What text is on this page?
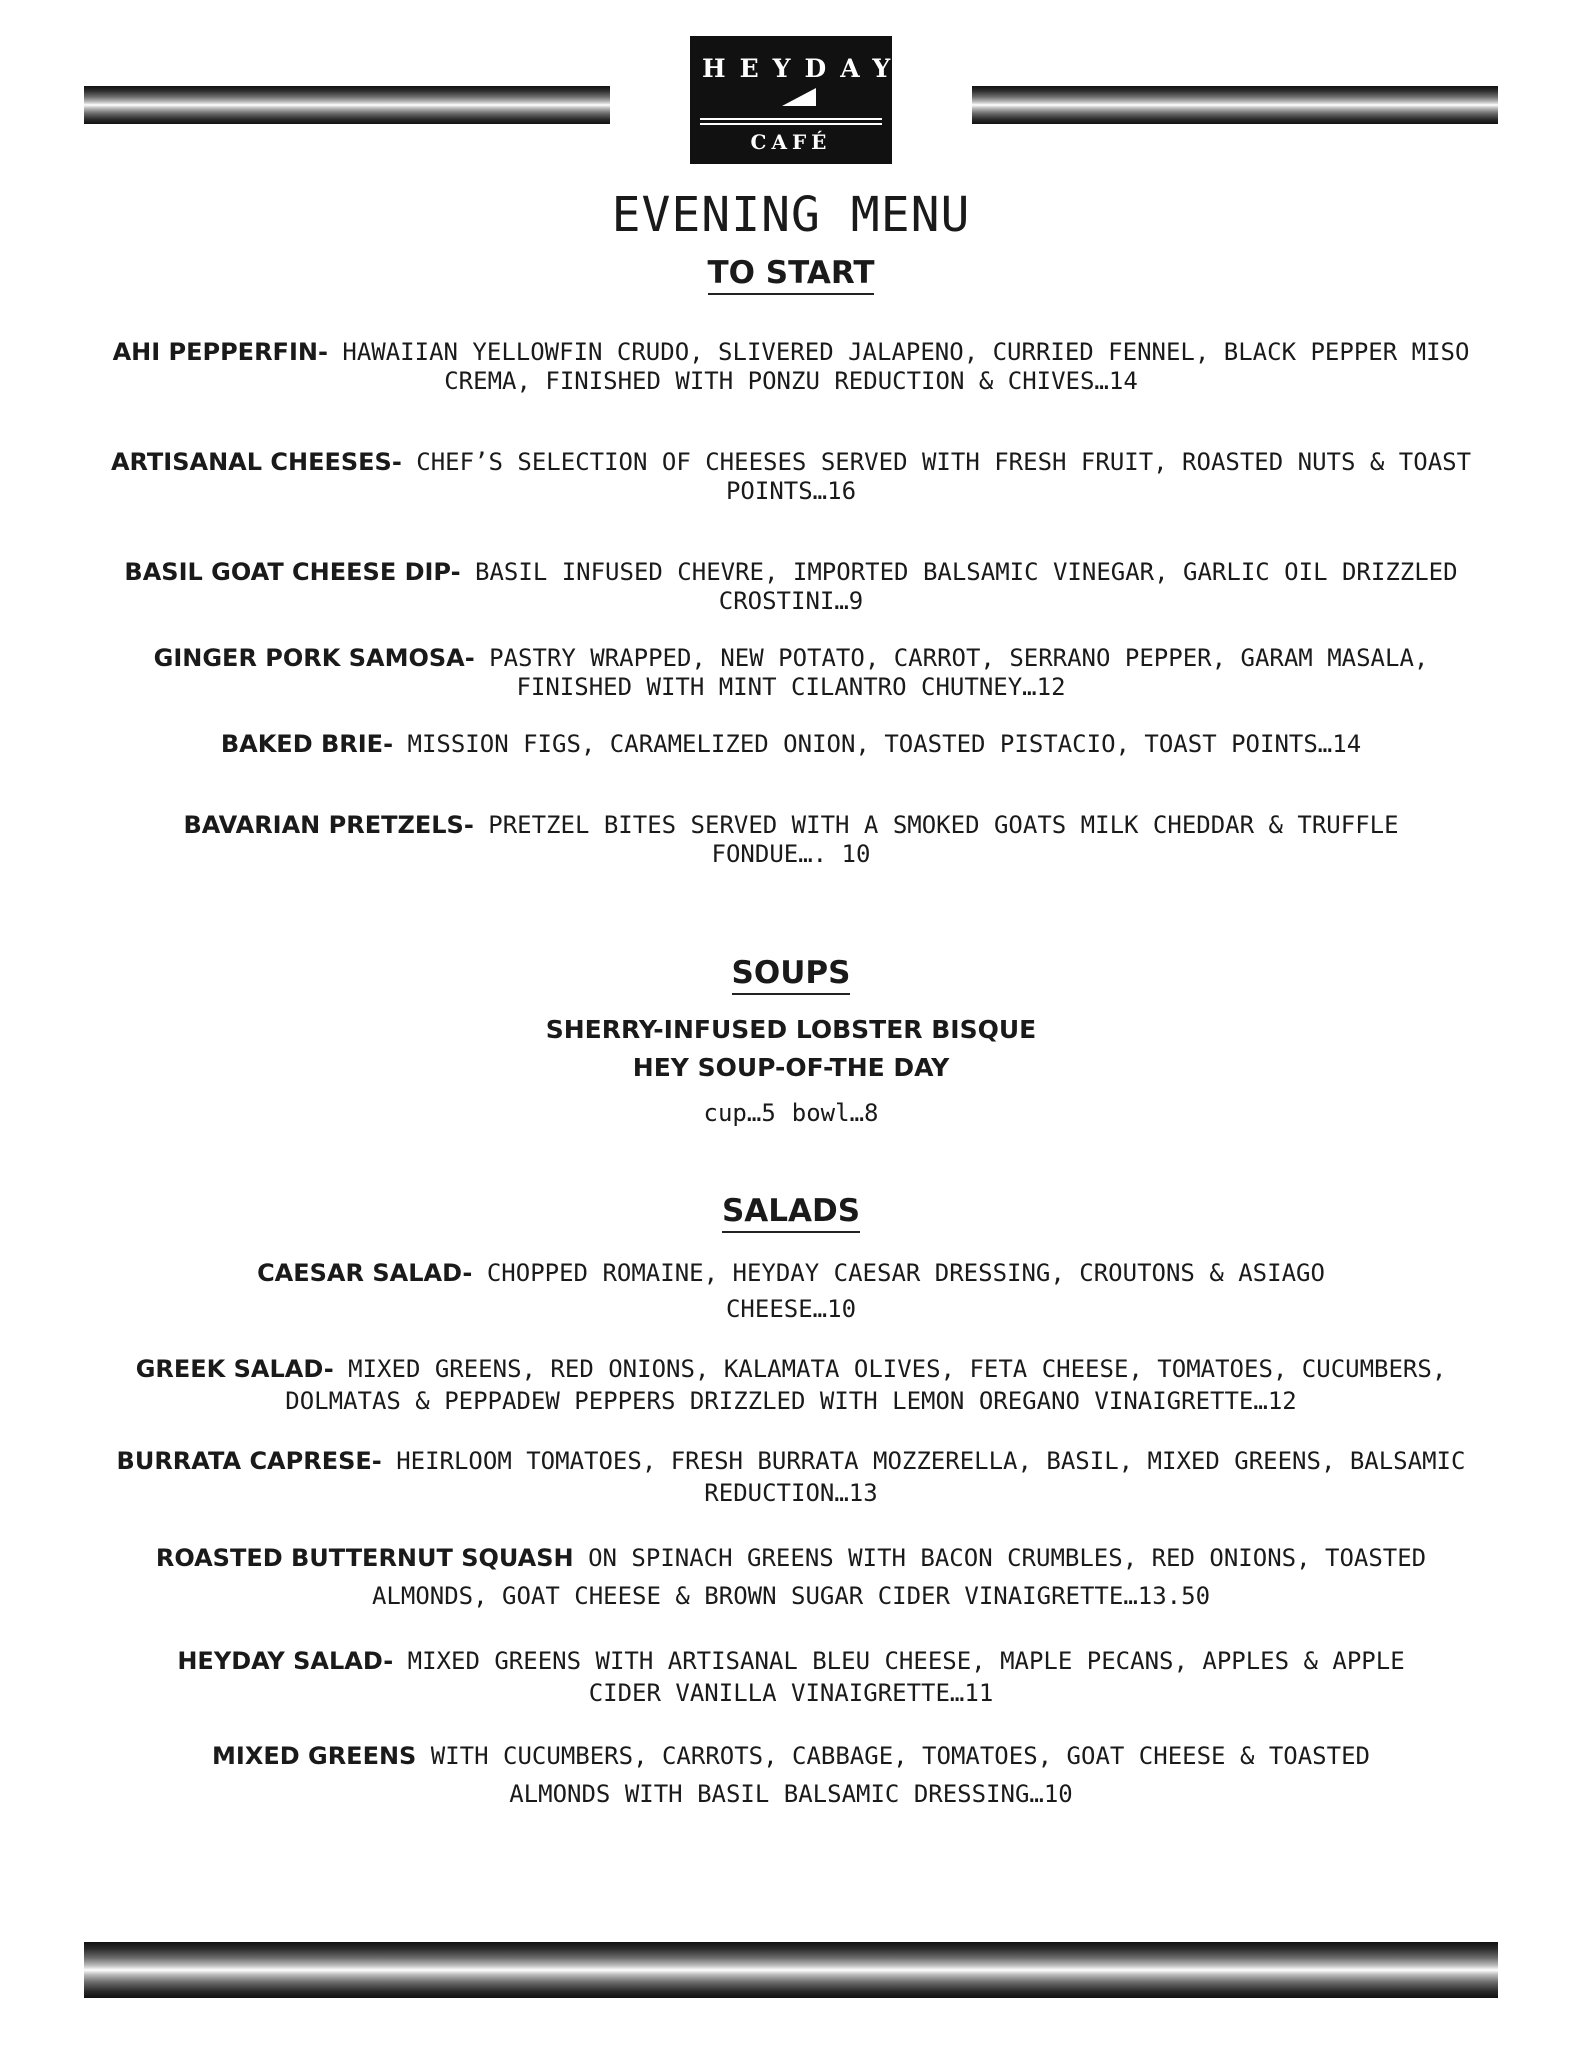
HEYDAY
CAFÉ
EVENING MENU
TO START

AHI PEPPERFIN- HAWAIIAN YELLOWFIN CRUDO, SLIVERED JALAPENO, CURRIED FENNEL, BLACK PEPPER MISO CREMA, FINISHED WITH PONZU REDUCTION & CHIVES…14

ARTISANAL CHEESES- CHEF’S SELECTION OF CHEESES SERVED WITH FRESH FRUIT, ROASTED NUTS & TOAST POINTS…16

BASIL GOAT CHEESE DIP- BASIL INFUSED CHEVRE, IMPORTED BALSAMIC VINEGAR, GARLIC OIL DRIZZLED CROSTINI…9

GINGER PORK SAMOSA- PASTRY WRAPPED, NEW POTATO, CARROT, SERRANO PEPPER, GARAM MASALA, FINISHED WITH MINT CILANTRO CHUTNEY…12

BAKED BRIE- MISSION FIGS, CARAMELIZED ONION, TOASTED PISTACIO, TOAST POINTS…14

BAVARIAN PRETZELS- PRETZEL BITES SERVED WITH A SMOKED GOATS MILK CHEDDAR & TRUFFLE FONDUE…. 10

SOUPS

SHERRY-INFUSED LOBSTER BISQUE

HEY SOUP-OF-THE DAY

cup…5 bowl…8

SALADS

CAESAR SALAD- CHOPPED ROMAINE, HEYDAY CAESAR DRESSING, CROUTONS & ASIAGO CHEESE…10

GREEK SALAD- MIXED GREENS, RED ONIONS, KALAMATA OLIVES, FETA CHEESE, TOMATOES, CUCUMBERS, DOLMATAS & PEPPADEW PEPPERS DRIZZLED WITH LEMON OREGANO VINAIGRETTE…12

BURRATA CAPRESE- HEIRLOOM TOMATOES, FRESH BURRATA MOZZERELLA, BASIL, MIXED GREENS, BALSAMIC REDUCTION…13

ROASTED BUTTERNUT SQUASH ON SPINACH GREENS WITH BACON CRUMBLES, RED ONIONS, TOASTED ALMONDS, GOAT CHEESE & BROWN SUGAR CIDER VINAIGRETTE…13.50

HEYDAY SALAD- MIXED GREENS WITH ARTISANAL BLEU CHEESE, MAPLE PECANS, APPLES & APPLE CIDER VANILLA VINAIGRETTE…11

MIXED GREENS WITH CUCUMBERS, CARROTS, CABBAGE, TOMATOES, GOAT CHEESE & TOASTED ALMONDS WITH BASIL BALSAMIC DRESSING…10
